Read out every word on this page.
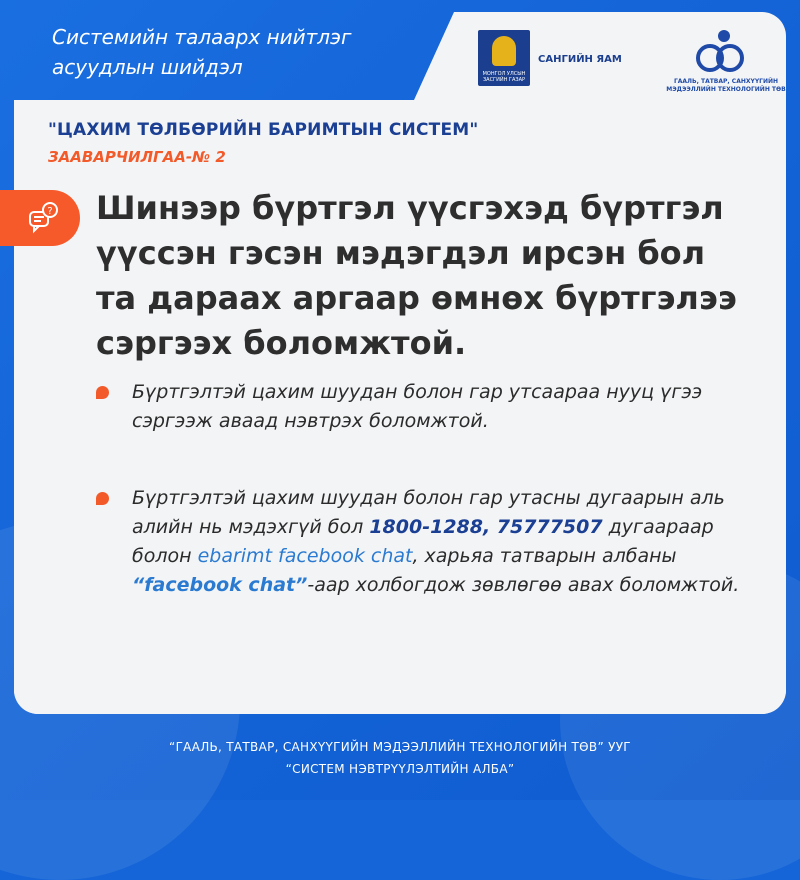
Системийн талаарх нийтлэг
асуудлын шийдэл	МОНГОЛ УЛСЫН ЗАСГИЙН ГАЗАР
САНГИЙН ЯАМ
ГААЛЬ, ТАТВАР, САНХҮҮГИЙН МЭДЭЭЛЛИЙН ТЕХНОЛОГИЙН ТӨВ
"ЦАХИМ ТӨЛБӨРИЙН БАРИМТЫН СИСТЕМ"
ЗААВАРЧИЛГАА-№ 2
? Шинээр бүртгэл үүсгэхэд бүртгэл үүссэн гэсэн мэдэгдэл ирсэн бол та дараах аргаар өмнөх бүртгэлээ сэргээх боломжтой.
Бүртгэлтэй цахим шуудан болон гар утсаараа нууц үгээ сэргээж аваад нэвтрэх боломжтой.
Бүртгэлтэй цахим шуудан болон гар утасны дугаарын аль алийн нь мэдэхгүй бол 1800-1288, 75777507 дугаараар болон ebarimt facebook chat, харьяа татварын албаны “facebook chat”-аар холбогдож зөвлөгөө авах боломжтой.
“ГААЛЬ, ТАТВАР, САНХҮҮГИЙН МЭДЭЭЛЛИЙН ТЕХНОЛОГИЙН ТӨВ” УУГ
“СИСТЕМ НЭВТРҮҮЛЭЛТИЙН АЛБА”
